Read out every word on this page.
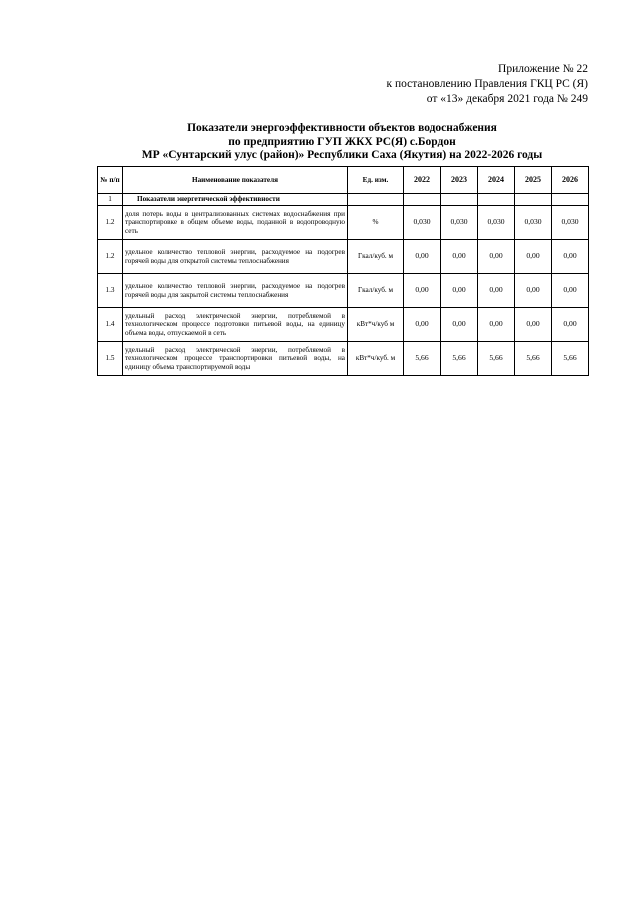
Приложение № 22
к постановлению Правления ГКЦ РС (Я)
от «13» декабря 2021 года № 249
Показатели энергоэффективности объектов водоснабжения
по предприятию ГУП ЖКХ РС(Я) с.Бордон
МР «Сунтарский улус (район)» Республики Саха (Якутия) на 2022-2026 годы
№ п/п	Наименование показателя	Ед. изм.	2022	2023	2024	2025	2026
1	Показатели энергетической эффективности						
1.2	доля потерь воды в централизованных системах водоснабжения при транспортировке в общем объеме воды, поданной в водопроводную сеть	%	0,030	0,030	0,030	0,030	0,030
1.2	удельное количество тепловой энергии, расходуемое на подогрев горячей воды для открытой системы теплоснабжения	Гкал/куб. м	0,00	0,00	0,00	0,00	0,00
1.3	удельное количество тепловой энергии, расходуемое на подогрев горячей воды для закрытой системы теплоснабжения	Гкал/куб. м	0,00	0,00	0,00	0,00	0,00
1.4	удельный расход электрической энергии, потребляемой в технологическом процессе подготовки питьевой воды, на единицу объема воды, отпускаемой в сеть	кВт*ч/куб м	0,00	0,00	0,00	0,00	0,00
1.5	удельный расход электрической энергии, потребляемой в технологическом процессе транспортировки питьевой воды, на единицу объема транспортируемой воды	кВт*ч/куб. м	5,66	5,66	5,66	5,66	5,66
